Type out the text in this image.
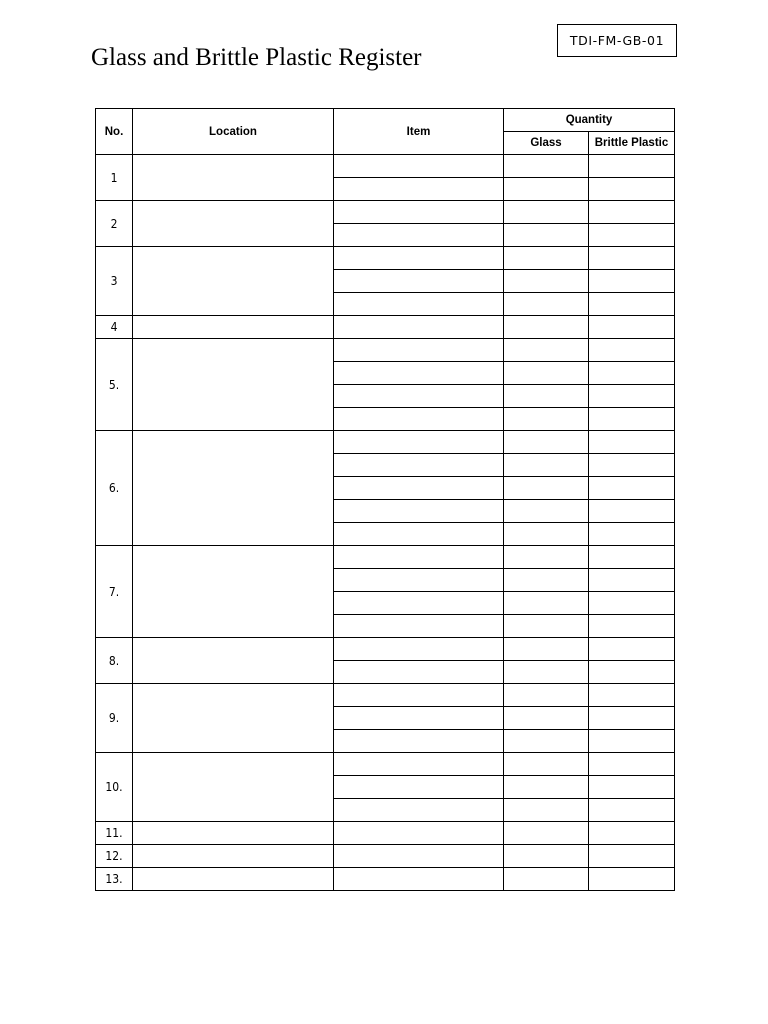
TDI-FM-GB-01
Glass and Brittle Plastic Register
No.	Location	Item	Quantity	
			Glass	Brittle Plastic
1				

2				

3				

4				
5.				

6.				

7.				

8.				

9.				

10.				

11.				
12.				
13.				
